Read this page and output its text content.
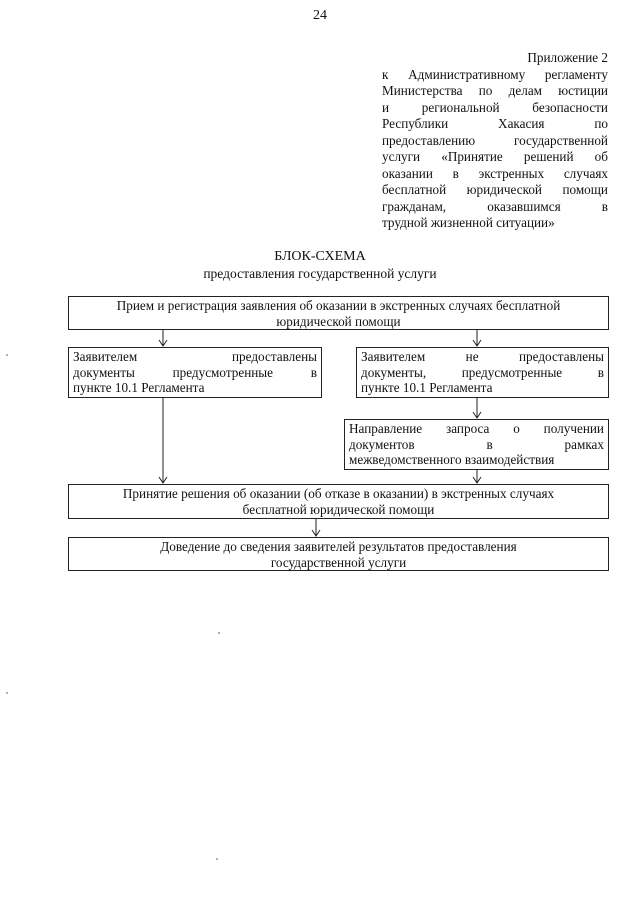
24
Приложение 2
к Административному регламенту
Министерства по делам юстиции
и региональной безопасности
Республики Хакасия по
предоставлению государственной
услуги «Принятие решений об
оказании в экстренных случаях
бесплатной юридической помощи
гражданам, оказавшимся в
трудной жизненной ситуации»
БЛОК-СХЕМА
предоставления государственной услуги
Прием и регистрация заявления об оказании в экстренных случаях бесплатной
юридической помощи
Заявителем предоставлены
документы предусмотренные в
пункте 10.1 Регламента
Заявителем не предоставлены
документы, предусмотренные в
пункте 10.1 Регламента
Направление запроса о получении
документов в рамках
межведомственного взаимодействия
Принятие решения об оказании (об отказе в оказании) в экстренных случаях
бесплатной юридической помощи
Доведение до сведения заявителей результатов предоставления
государственной услуги
